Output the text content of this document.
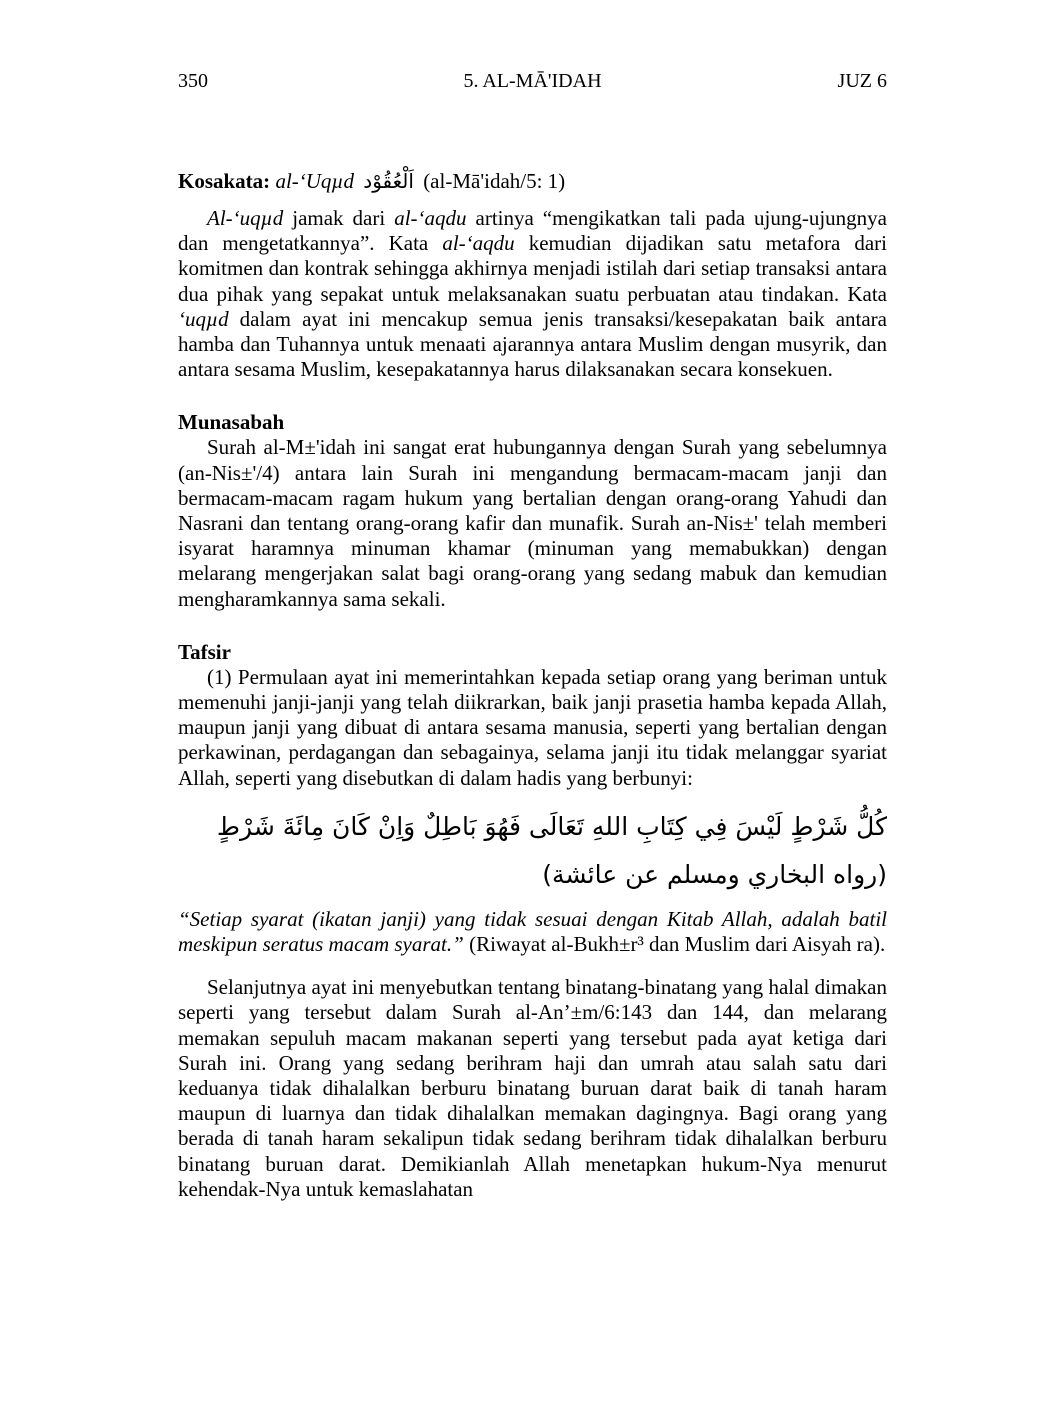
350	5. AL-MĀ'IDAH	JUZ 6
Kosakata: al-‘Uqµd اَلْعُقُوْد (al-Mā'idah/5: 1)

Al-‘uqµd jamak dari al-‘aqdu artinya “mengikatkan tali pada ujung-ujungnya dan mengetatkannya”. Kata al-‘aqdu kemudian dijadikan satu metafora dari komitmen dan kontrak sehingga akhirnya menjadi istilah dari setiap transaksi antara dua pihak yang sepakat untuk melaksanakan suatu perbuatan atau tindakan. Kata ‘uqµd dalam ayat ini mencakup semua jenis transaksi/kesepakatan baik antara hamba dan Tuhannya untuk menaati ajarannya antara Muslim dengan musyrik, dan antara sesama Muslim, kesepakatannya harus dilaksanakan secara konsekuen.

Munasabah

Surah al-M±'idah ini sangat erat hubungannya dengan Surah yang sebelumnya (an-Nis±'/4) antara lain Surah ini mengandung bermacam-macam janji dan bermacam-macam ragam hukum yang bertalian dengan orang-orang Yahudi dan Nasrani dan tentang orang-orang kafir dan munafik. Surah an-Nis±' telah memberi isyarat haramnya minuman khamar (minuman yang memabukkan) dengan melarang mengerjakan salat bagi orang-orang yang sedang mabuk dan kemudian mengharamkannya sama sekali.

Tafsir

(1) Permulaan ayat ini memerintahkan kepada setiap orang yang beriman untuk memenuhi janji-janji yang telah diikrarkan, baik janji prasetia hamba kepada Allah, maupun janji yang dibuat di antara sesama manusia, seperti yang bertalian dengan perkawinan, perdagangan dan sebagainya, selama janji itu tidak melanggar syariat Allah, seperti yang disebutkan di dalam hadis yang berbunyi:

كُلُّ شَرْطٍ لَيْسَ فِي كِتَابِ اللهِ تَعَالَى فَهُوَ بَاطِلٌ وَاِنْ كَانَ مِائَةَ شَرْطٍ (رواه البخاري ومسلم عن عائشة)

“Setiap syarat (ikatan janji) yang tidak sesuai dengan Kitab Allah, adalah batil meskipun seratus macam syarat.” (Riwayat al-Bukh±r³ dan Muslim dari Aisyah ra).

Selanjutnya ayat ini menyebutkan tentang binatang-binatang yang halal dimakan seperti yang tersebut dalam Surah al-An’±m/6:143 dan 144, dan melarang memakan sepuluh macam makanan seperti yang tersebut pada ayat ketiga dari Surah ini. Orang yang sedang berihram haji dan umrah atau salah satu dari keduanya tidak dihalalkan berburu binatang buruan darat baik di tanah haram maupun di luarnya dan tidak dihalalkan memakan dagingnya. Bagi orang yang berada di tanah haram sekalipun tidak sedang berihram tidak dihalalkan berburu binatang buruan darat. Demikianlah Allah menetapkan hukum-Nya menurut kehendak-Nya untuk kemaslahatan
